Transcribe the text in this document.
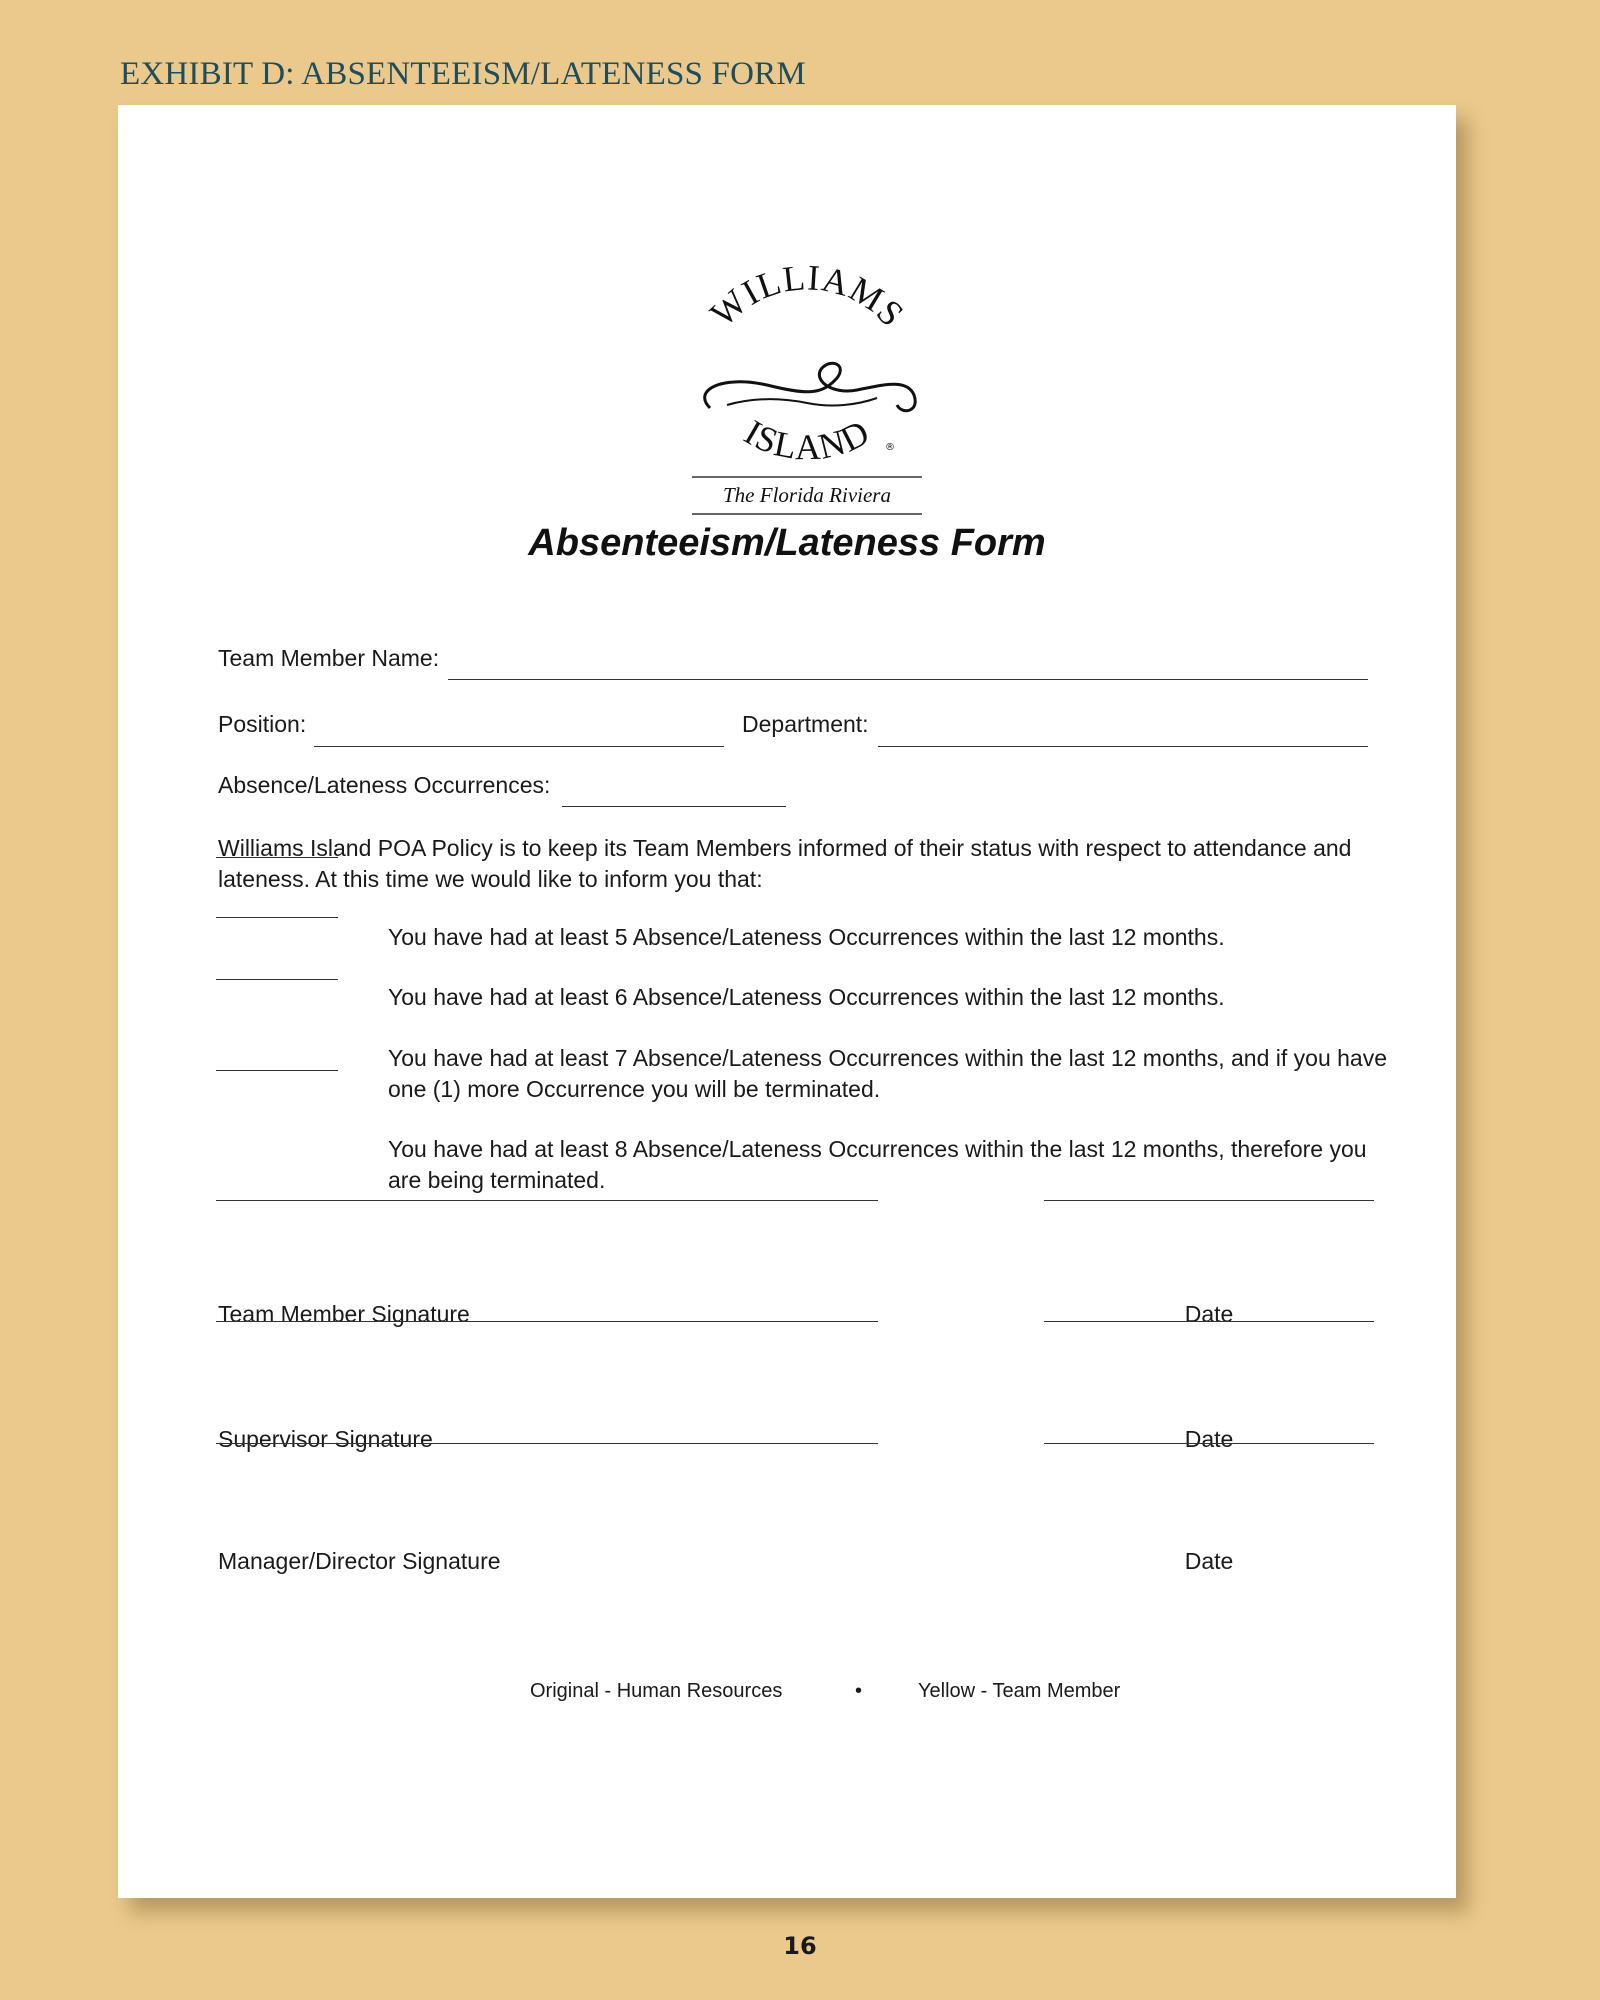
EXHIBIT D: ABSENTEEISM/LATENESS FORM
WILLIAMS
ISLAND ®
The Florida Riviera
Absenteeism/Lateness Form
Team Member Name:
Position:	Department:
Absence/Lateness Occurrences:

Williams Island POA Policy is to keep its Team Members informed of their status with respect to attendance and lateness. At this time we would like to inform you that:

You have had at least 5 Absence/Lateness Occurrences within the last 12 months.
You have had at least 6 Absence/Lateness Occurrences within the last 12 months.
You have had at least 7 Absence/Lateness Occurrences within the last 12 months, and if you have one (1) more Occurrence you will be terminated.
You have had at least 8 Absence/Lateness Occurrences within the last 12 months, therefore you are being terminated.
Team Member Signature	Date
Supervisor Signature	Date
Manager/Director Signature	Date
Original - Human Resources	•	Yellow - Team Member
16
